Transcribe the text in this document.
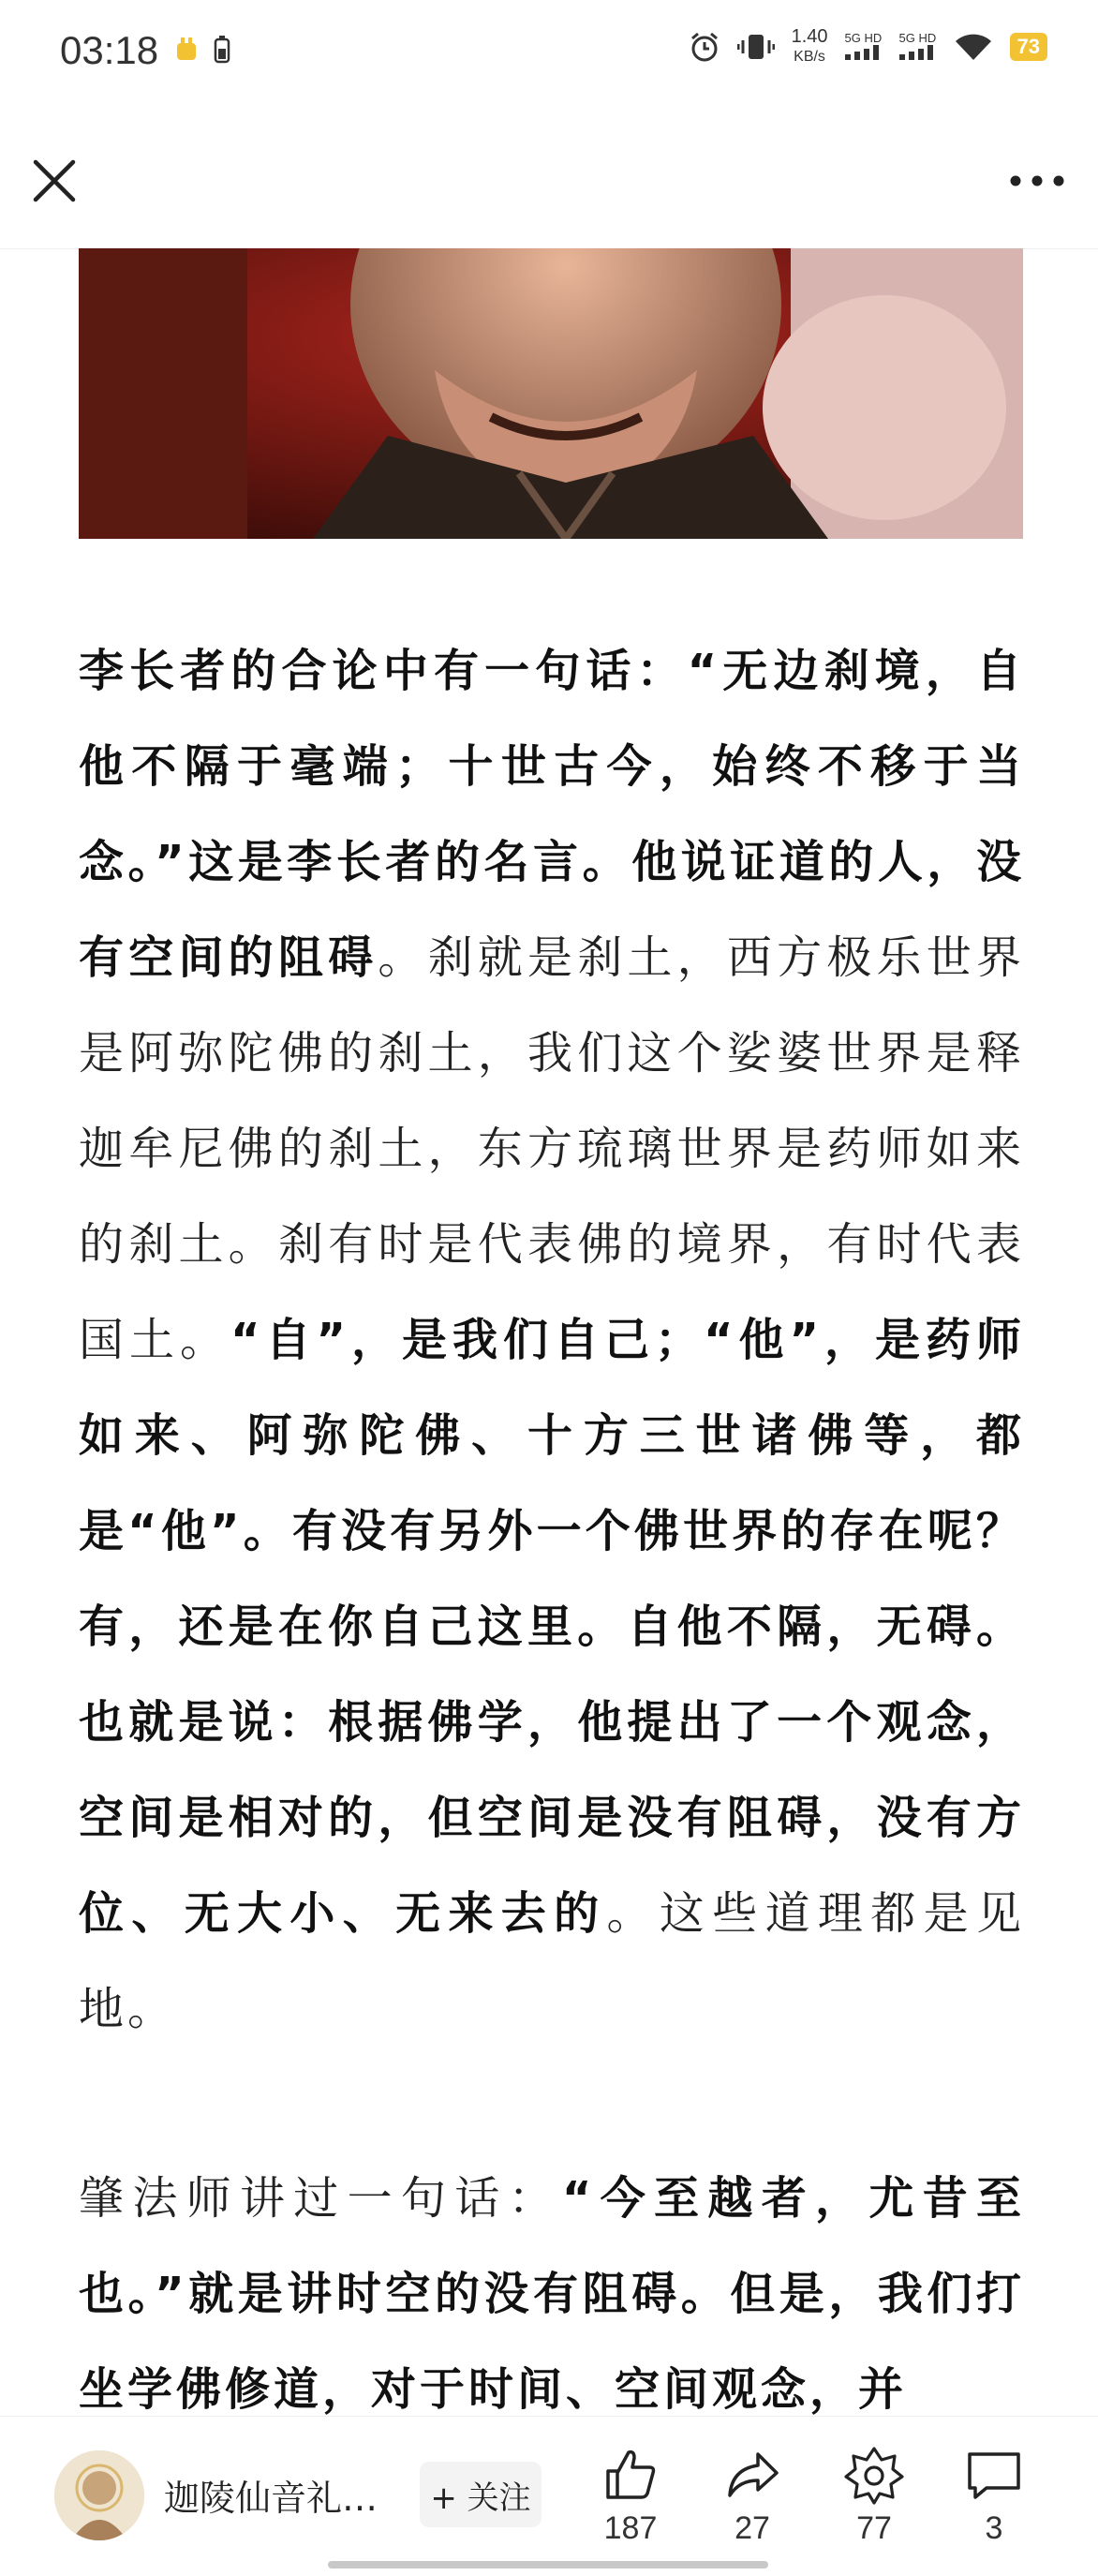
03:18	1.40
KB/s
5G HD 5G HD	73

李长者的合论中有一句话：“无边刹境，自他不隔于毫端；十世古今，始终不移于当念。”这是李长者的名言。他说证道的人，没有空间的阻碍。刹就是刹土，西方极乐世界是阿弥陀佛的刹土，我们这个娑婆世界是释迦牟尼佛的刹土，东方琉璃世界是药师如来的刹土。刹有时是代表佛的境界，有时代表国土。“自”，是我们自己；“他”，是药师如来、阿弥陀佛、十方三世诸佛等，都是“他”。有没有另外一个佛世界的存在呢？有，还是在你自己这里。自他不隔，无碍。也就是说：根据佛学，他提出了一个观念，空间是相对的，但空间是没有阻碍，没有方位、无大小、无来去的。这些道理都是见地。

肇法师讲过一句话：“今至越者，尤昔至也。”就是讲时空的没有阻碍。但是，我们打坐学佛修道，对于时间、空间观念，并

迦陵仙音礼…	+ 关注
187	27	77	3
